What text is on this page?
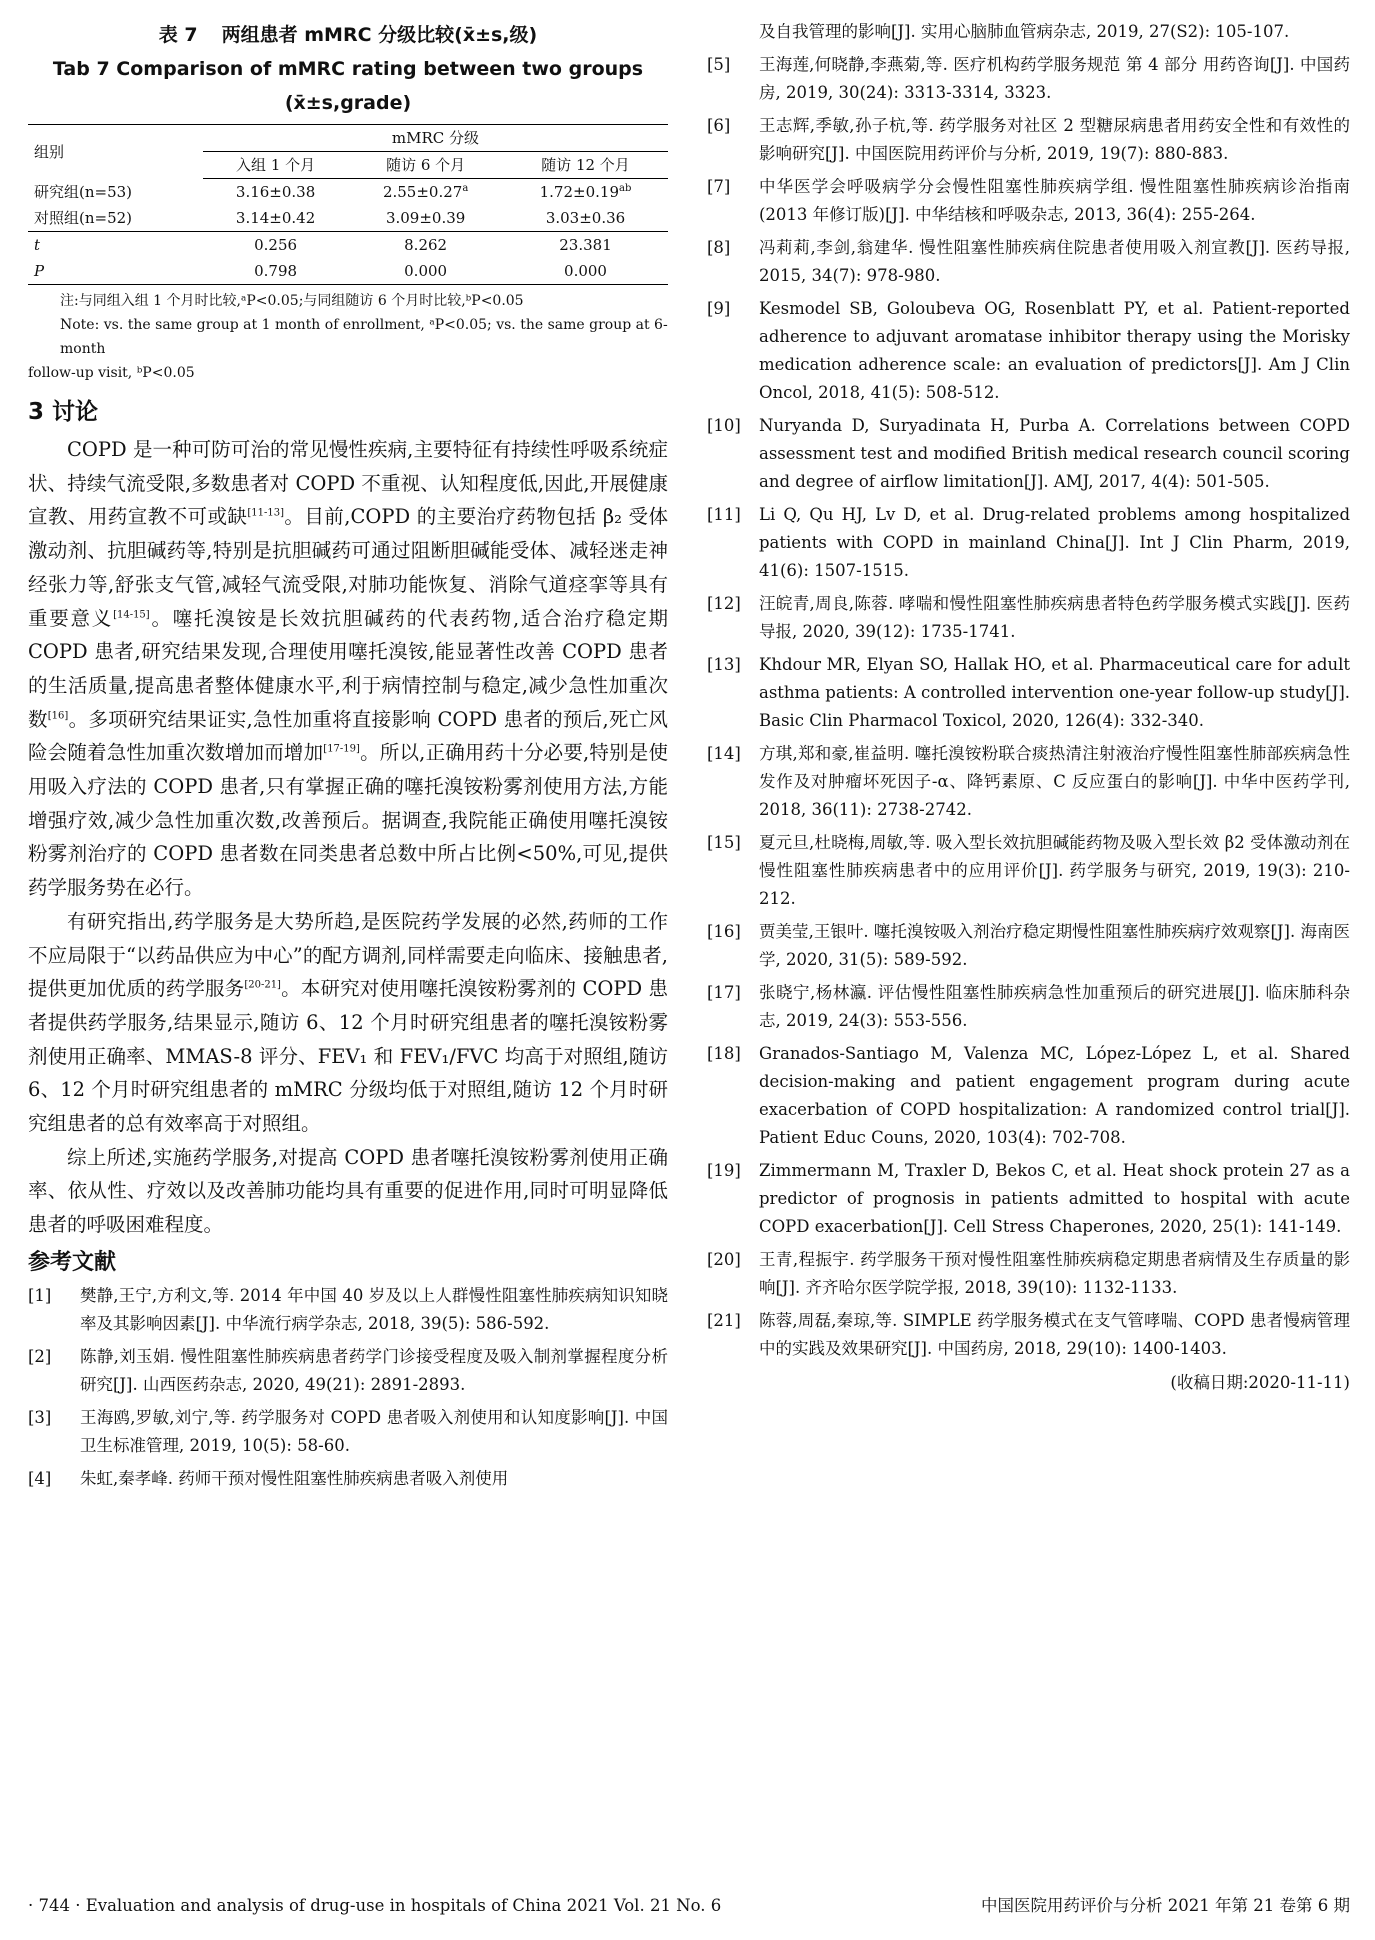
表 7 两组患者 mMRC 分级比较(x̄±s,级)
Tab 7 Comparison of mMRC rating between two groups
(x̄±s,grade)
组别	mMRC 分级		
	入组 1 个月	随访 6 个月	随访 12 个月
研究组(n=53)	3.16±0.38	2.55±0.27$^a$	1.72±0.19$^{ab}$
对照组(n=52)	3.14±0.42	3.09±0.39	3.03±0.36
t	0.256	8.262	23.381
P	0.798	0.000	0.000

注:与同组入组 1 个月时比较,ᵃP<0.05;与同组随访 6 个月时比较,ᵇP<0.05

Note: vs. the same group at 1 month of enrollment, ᵃP<0.05; vs. the same group at 6-month

follow-up visit, ᵇP<0.05

3 讨论

COPD 是一种可防可治的常见慢性疾病,主要特征有持续性呼吸系统症状、持续气流受限,多数患者对 COPD 不重视、认知程度低,因此,开展健康宣教、用药宣教不可或缺[11-13]。目前,COPD 的主要治疗药物包括 β₂ 受体激动剂、抗胆碱药等,特别是抗胆碱药可通过阻断胆碱能受体、减轻迷走神经张力等,舒张支气管,减轻气流受限,对肺功能恢复、消除气道痉挛等具有重要意义[14-15]。噻托溴铵是长效抗胆碱药的代表药物,适合治疗稳定期 COPD 患者,研究结果发现,合理使用噻托溴铵,能显著性改善 COPD 患者的生活质量,提高患者整体健康水平,利于病情控制与稳定,减少急性加重次数[16]。多项研究结果证实,急性加重将直接影响 COPD 患者的预后,死亡风险会随着急性加重次数增加而增加[17-19]。所以,正确用药十分必要,特别是使用吸入疗法的 COPD 患者,只有掌握正确的噻托溴铵粉雾剂使用方法,方能增强疗效,减少急性加重次数,改善预后。据调查,我院能正确使用噻托溴铵粉雾剂治疗的 COPD 患者数在同类患者总数中所占比例<50%,可见,提供药学服务势在必行。

有研究指出,药学服务是大势所趋,是医院药学发展的必然,药师的工作不应局限于“以药品供应为中心”的配方调剂,同样需要走向临床、接触患者,提供更加优质的药学服务[20-21]。本研究对使用噻托溴铵粉雾剂的 COPD 患者提供药学服务,结果显示,随访 6、12 个月时研究组患者的噻托溴铵粉雾剂使用正确率、MMAS-8 评分、FEV₁ 和 FEV₁/FVC 均高于对照组,随访 6、12 个月时研究组患者的 mMRC 分级均低于对照组,随访 12 个月时研究组患者的总有效率高于对照组。

综上所述,实施药学服务,对提高 COPD 患者噻托溴铵粉雾剂使用正确率、依从性、疗效以及改善肺功能均具有重要的促进作用,同时可明显降低患者的呼吸困难程度。

参考文献
[1] 樊静,王宁,方利文,等. 2014 年中国 40 岁及以上人群慢性阻塞性肺疾病知识知晓率及其影响因素[J]. 中华流行病学杂志, 2018, 39(5): 586-592.
[2] 陈静,刘玉娟. 慢性阻塞性肺疾病患者药学门诊接受程度及吸入制剂掌握程度分析研究[J]. 山西医药杂志, 2020, 49(21): 2891-2893.
[3] 王海鸥,罗敏,刘宁,等. 药学服务对 COPD 患者吸入剂使用和认知度影响[J]. 中国卫生标准管理, 2019, 10(5): 58-60.
[4] 朱虹,秦孝峰. 药师干预对慢性阻塞性肺疾病患者吸入剂使用
及自我管理的影响[J]. 实用心脑肺血管病杂志, 2019, 27(S2): 105-107.
[5] 王海莲,何晓静,李燕菊,等. 医疗机构药学服务规范 第 4 部分 用药咨询[J]. 中国药房, 2019, 30(24): 3313-3314, 3323.
[6] 王志辉,季敏,孙子杭,等. 药学服务对社区 2 型糖尿病患者用药安全性和有效性的影响研究[J]. 中国医院用药评价与分析, 2019, 19(7): 880-883.
[7] 中华医学会呼吸病学分会慢性阻塞性肺疾病学组. 慢性阻塞性肺疾病诊治指南(2013 年修订版)[J]. 中华结核和呼吸杂志, 2013, 36(4): 255-264.
[8] 冯莉莉,李剑,翁建华. 慢性阻塞性肺疾病住院患者使用吸入剂宣教[J]. 医药导报, 2015, 34(7): 978-980.
[9] Kesmodel SB, Goloubeva OG, Rosenblatt PY, et al. Patient-reported adherence to adjuvant aromatase inhibitor therapy using the Morisky medication adherence scale: an evaluation of predictors[J]. Am J Clin Oncol, 2018, 41(5): 508-512.
[10] Nuryanda D, Suryadinata H, Purba A. Correlations between COPD assessment test and modified British medical research council scoring and degree of airflow limitation[J]. AMJ, 2017, 4(4): 501-505.
[11] Li Q, Qu HJ, Lv D, et al. Drug-related problems among hospitalized patients with COPD in mainland China[J]. Int J Clin Pharm, 2019, 41(6): 1507-1515.
[12] 汪皖青,周良,陈蓉. 哮喘和慢性阻塞性肺疾病患者特色药学服务模式实践[J]. 医药导报, 2020, 39(12): 1735-1741.
[13] Khdour MR, Elyan SO, Hallak HO, et al. Pharmaceutical care for adult asthma patients: A controlled intervention one-year follow-up study[J]. Basic Clin Pharmacol Toxicol, 2020, 126(4): 332-340.
[14] 方琪,郑和豪,崔益明. 噻托溴铵粉联合痰热清注射液治疗慢性阻塞性肺部疾病急性发作及对肿瘤坏死因子-α、降钙素原、C 反应蛋白的影响[J]. 中华中医药学刊, 2018, 36(11): 2738-2742.
[15] 夏元旦,杜晓梅,周敏,等. 吸入型长效抗胆碱能药物及吸入型长效 β2 受体激动剂在慢性阻塞性肺疾病患者中的应用评价[J]. 药学服务与研究, 2019, 19(3): 210-212.
[16] 贾美莹,王银叶. 噻托溴铵吸入剂治疗稳定期慢性阻塞性肺疾病疗效观察[J]. 海南医学, 2020, 31(5): 589-592.
[17] 张晓宁,杨林瀛. 评估慢性阻塞性肺疾病急性加重预后的研究进展[J]. 临床肺科杂志, 2019, 24(3): 553-556.
[18] Granados-Santiago M, Valenza MC, López-López L, et al. Shared decision-making and patient engagement program during acute exacerbation of COPD hospitalization: A randomized control trial[J]. Patient Educ Couns, 2020, 103(4): 702-708.
[19] Zimmermann M, Traxler D, Bekos C, et al. Heat shock protein 27 as a predictor of prognosis in patients admitted to hospital with acute COPD exacerbation[J]. Cell Stress Chaperones, 2020, 25(1): 141-149.
[20] 王青,程振宇. 药学服务干预对慢性阻塞性肺疾病稳定期患者病情及生存质量的影响[J]. 齐齐哈尔医学院学报, 2018, 39(10): 1132-1133.
[21] 陈蓉,周磊,秦琼,等. SIMPLE 药学服务模式在支气管哮喘、COPD 患者慢病管理中的实践及效果研究[J]. 中国药房, 2018, 29(10): 1400-1403.
(收稿日期:2020-11-11)
· 744 · Evaluation and analysis of drug-use in hospitals of China 2021 Vol. 21 No. 6	中国医院用药评价与分析 2021 年第 21 卷第 6 期
